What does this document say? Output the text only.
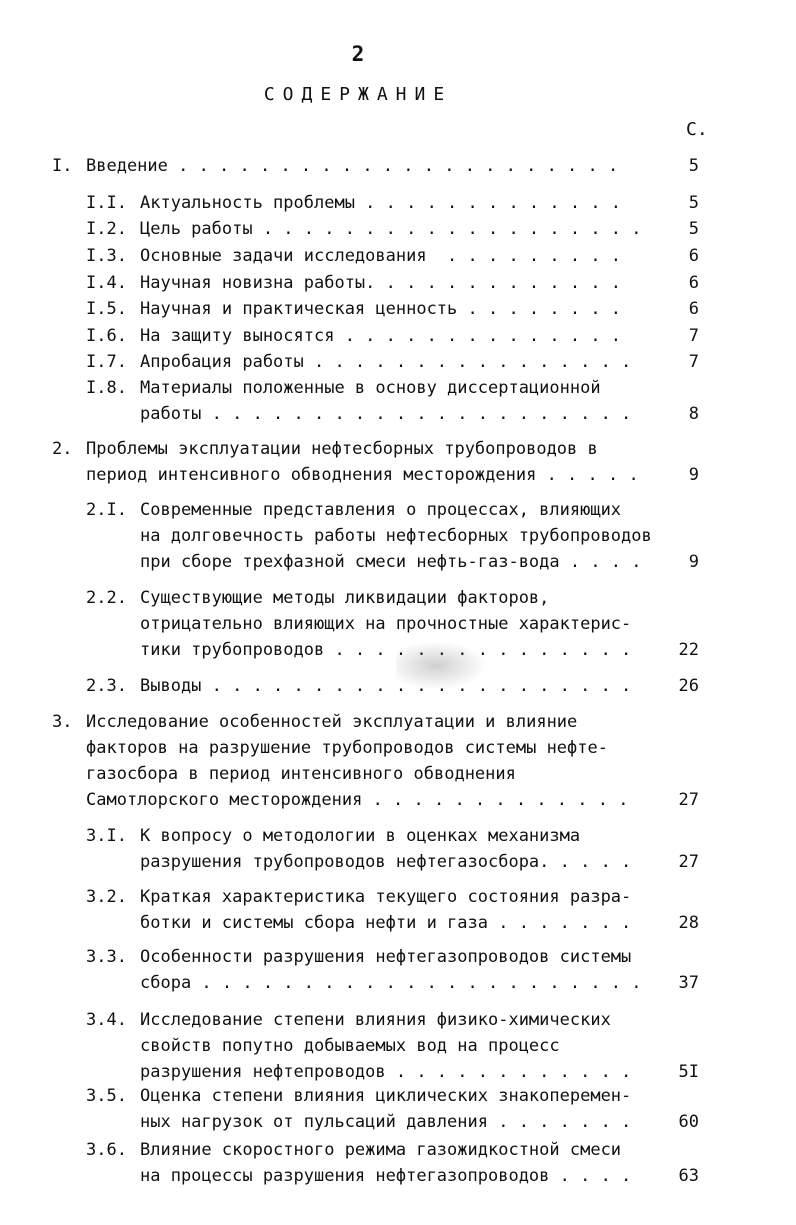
2
СОДЕРЖАНИЕ
С.
I. Введение . . . . . . . . . . . . . . . . . . . . . .	5
I.I. Актуальность проблемы . . . . . . . . . . . . .	5
I.2. Цель работы . . . . . . . . . . . . . . . . . . .	5
I.3. Основные задачи исследования  . . . . . . . . .	6
I.4. Научная новизна работы. . . . . . . . . . . . .	6
I.5. Научная и практическая ценность . . . . . . . .	6
I.6. На защиту выносятся . . . . . . . . . . . . . .	7
I.7. Апробация работы . . . . . . . . . . . . . . . .	7
I.8. Материалы положенные в основу диссертационной
работы . . . . . . . . . . . . . . . . . . . . .	8
2. Проблемы эксплуатации нефтесборных трубопроводов в
период интенсивного обводнения месторождения . . . . .	9
2.I. Современные представления о процессах, влияющих
на долговечность работы нефтесборных трубопроводов
при сборе трехфазной смеси нефть-газ-вода . . . .	9
2.2. Существующие методы ликвидации факторов,
отрицательно влияющих на прочностные характерис-
тики трубопроводов . . . . . . . . . . . . . . .	22
2.3. Выводы . . . . . . . . . . . . . . . . . . . . .	26
3. Исследование особенностей эксплуатации и влияние
факторов на разрушение трубопроводов системы нефте-
газосбора в период интенсивного обводнения
Самотлорского месторождения . . . . . . . . . . . . .	27
3.I. К вопросу о методологии в оценках механизма
разрушения трубопроводов нефтегазосбора. . . . .	27
3.2. Краткая характеристика текущего состояния разра-
ботки и системы сбора нефти и газа . . . . . . .	28
3.3. Особенности разрушения нефтегазопроводов системы
сбора . . . . . . . . . . . . . . . . . . . . . . 37
3.4. Исследование степени влияния физико-химических
свойств попутно добываемых вод на процесс
разрушения нефтепроводов . . . . . . . . . . . .	5I
3.5. Оценка степени влияния циклических знакоперемен-
ных нагрузок от пульсаций давления . . . . . . .	60
3.6. Влияние скоростного режима газожидкостной смеси
на процессы разрушения нефтегазопроводов . . . .	63
